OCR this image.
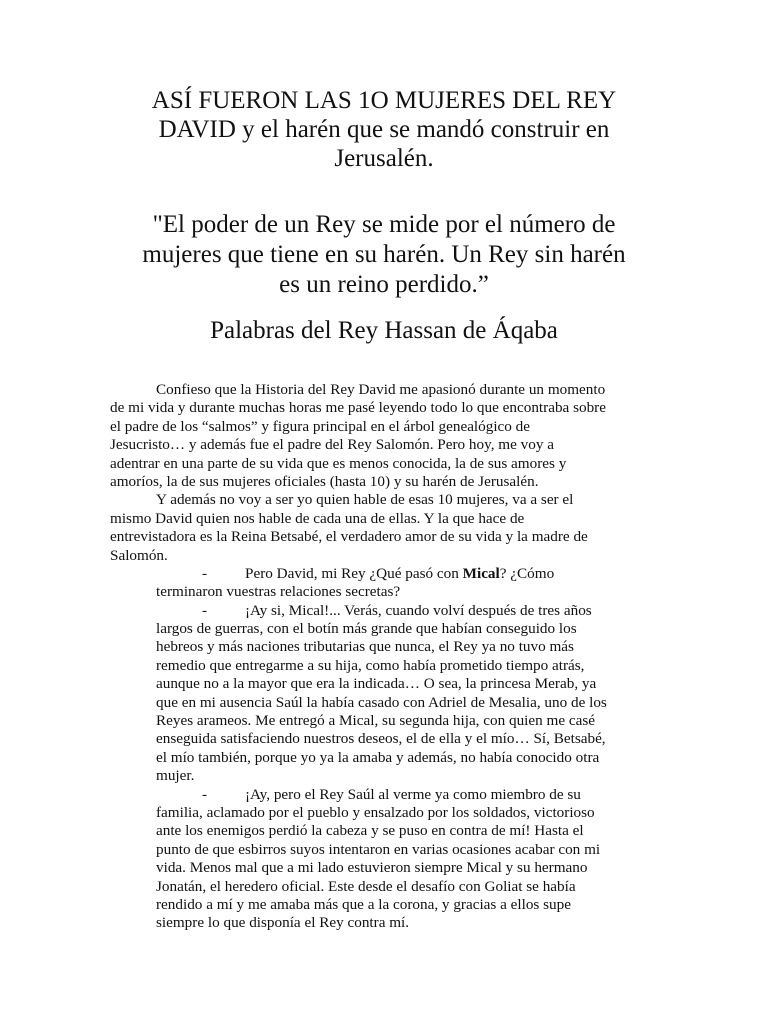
ASÍ FUERON LAS 1O MUJERES DEL REY
DAVID y el harén que se mandó construir en
Jerusalén.
"El poder de un Rey se mide por el número de
mujeres que tiene en su harén. Un Rey sin harén
es un reino perdido.”
Palabras del Rey Hassan de Áqaba
Confieso que la Historia del Rey David me apasionó durante un momento
de mi vida y durante muchas horas me pasé leyendo todo lo que encontraba sobre
el padre de los “salmos” y figura principal en el árbol genealógico de
Jesucristo… y además fue el padre del Rey Salomón. Pero hoy, me voy a
adentrar en una parte de su vida que es menos conocida, la de sus amores y
amoríos, la de sus mujeres oficiales (hasta 10) y su harén de Jerusalén.
Y además no voy a ser yo quien hable de esas 10 mujeres, va a ser el
mismo David quien nos hable de cada una de ellas. Y la que hace de
entrevistadora es la Reina Betsabé, el verdadero amor de su vida y la madre de
Salomón.
- Pero David, mi Rey ¿Qué pasó con Mical? ¿Cómo
terminaron vuestras relaciones secretas?
- ¡Ay si, Mical!... Verás, cuando volví después de tres años
largos de guerras, con el botín más grande que habían conseguido los
hebreos y más naciones tributarias que nunca, el Rey ya no tuvo más
remedio que entregarme a su hija, como había prometido tiempo atrás,
aunque no a la mayor que era la indicada… O sea, la princesa Merab, ya
que en mi ausencia Saúl la había casado con Adriel de Mesalia, uno de los
Reyes arameos. Me entregó a Mical, su segunda hija, con quien me casé
enseguida satisfaciendo nuestros deseos, el de ella y el mío… Sí, Betsabé,
el mío también, porque yo ya la amaba y además, no había conocido otra
mujer.
- ¡Ay, pero el Rey Saúl al verme ya como miembro de su
familia, aclamado por el pueblo y ensalzado por los soldados, victorioso
ante los enemigos perdió la cabeza y se puso en contra de mí! Hasta el
punto de que esbirros suyos intentaron en varias ocasiones acabar con mi
vida. Menos mal que a mi lado estuvieron siempre Mical y su hermano
Jonatán, el heredero oficial. Este desde el desafío con Goliat se había
rendido a mí y me amaba más que a la corona, y gracias a ellos supe
siempre lo que disponía el Rey contra mí.
